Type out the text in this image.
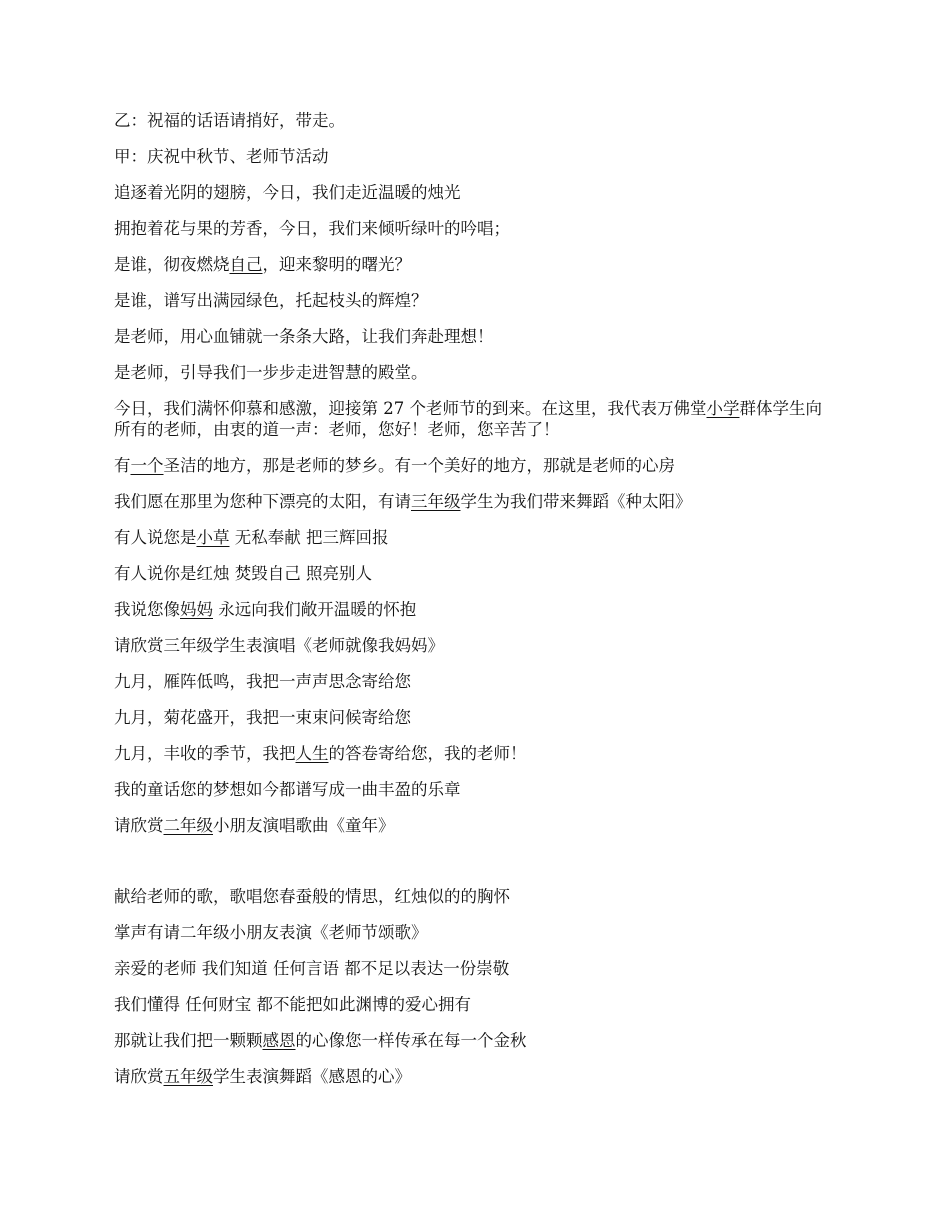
乙：祝福的话语请捎好，带走。

甲：庆祝中秋节、老师节活动

追逐着光阴的翅膀，今日，我们走近温暖的烛光

拥抱着花与果的芳香，今日，我们来倾听绿叶的吟唱；

是谁，彻夜燃烧自己，迎来黎明的曙光？

是谁，谱写出满园绿色，托起枝头的辉煌？

是老师，用心血铺就一条条大路，让我们奔赴理想！

是老师，引导我们一步步走进智慧的殿堂。

今日，我们满怀仰慕和感激，迎接第 27 个老师节的到来。在这里，我代表万佛堂小学群体学生向所有的老师，由衷的道一声：老师，您好！老师，您辛苦了！

有一个圣洁的地方，那是老师的梦乡。有一个美好的地方，那就是老师的心房

我们愿在那里为您种下漂亮的太阳，有请三年级学生为我们带来舞蹈《种太阳》

有人说您是小草 无私奉献 把三辉回报

有人说你是红烛 焚毁自己 照亮别人

我说您像妈妈 永远向我们敞开温暖的怀抱

请欣赏三年级学生表演唱《老师就像我妈妈》

九月，雁阵低鸣，我把一声声思念寄给您

九月，菊花盛开，我把一束束问候寄给您

九月，丰收的季节，我把人生的答卷寄给您，我的老师！

我的童话您的梦想如今都谱写成一曲丰盈的乐章

请欣赏二年级小朋友演唱歌曲《童年》

献给老师的歌，歌唱您春蚕般的情思，红烛似的的胸怀

掌声有请二年级小朋友表演《老师节颂歌》

亲爱的老师 我们知道 任何言语 都不足以表达一份崇敬

我们懂得 任何财宝 都不能把如此渊博的爱心拥有

那就让我们把一颗颗感恩的心像您一样传承在每一个金秋

请欣赏五年级学生表演舞蹈《感恩的心》
